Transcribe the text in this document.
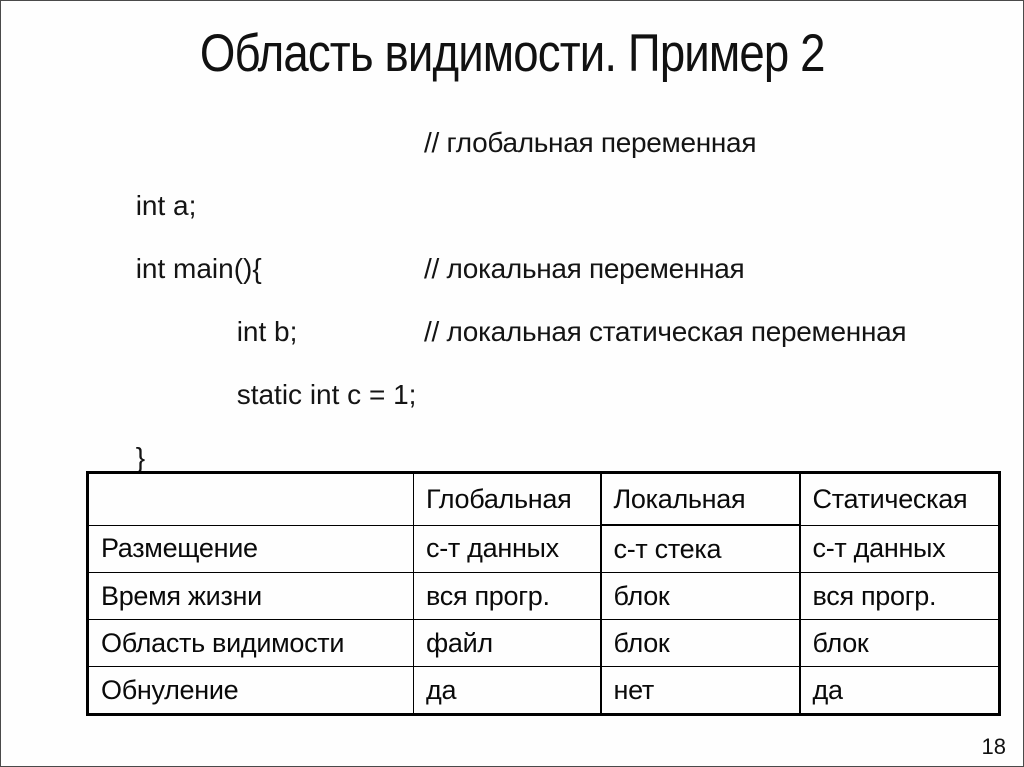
Область видимости. Пример 2

int a;

// глобальная переменная

int main(){

int b;

// локальная переменная

static int c = 1;

// локальная статическая переменная

}

	Глобальная	Локальная	Статическая
Размещение	с-т данных	с-т стека	с-т данных
Время жизни	вся прогр.	блок	вся прогр.
Область видимости	файл	блок	блок
Обнуление	да	нет	да
18
